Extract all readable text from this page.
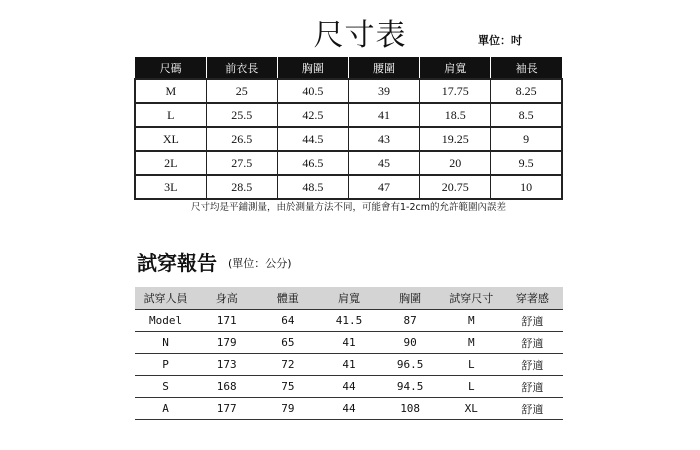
尺寸表	單位：吋
尺碼	前衣長	胸圍	腰圍	肩寬	袖長
M	25	40.5	39	17.75	8.25
L	25.5	42.5	41	18.5	8.5
XL	26.5	44.5	43	19.25	9
2L	27.5	46.5	45	20	9.5
3L	28.5	48.5	47	20.75	10
尺寸均是平鋪測量，由於測量方法不同，可能會有1-2cm的允許範圍內誤差
試穿報告 (單位：公分)
試穿人員	身高	體重	肩寬	胸圍	試穿尺寸	穿著感
Model	171	64	41.5	87	M	舒適
N	179	65	41	90	M	舒適
P	173	72	41	96.5	L	舒適
S	168	75	44	94.5	L	舒適
A	177	79	44	108	XL	舒適
